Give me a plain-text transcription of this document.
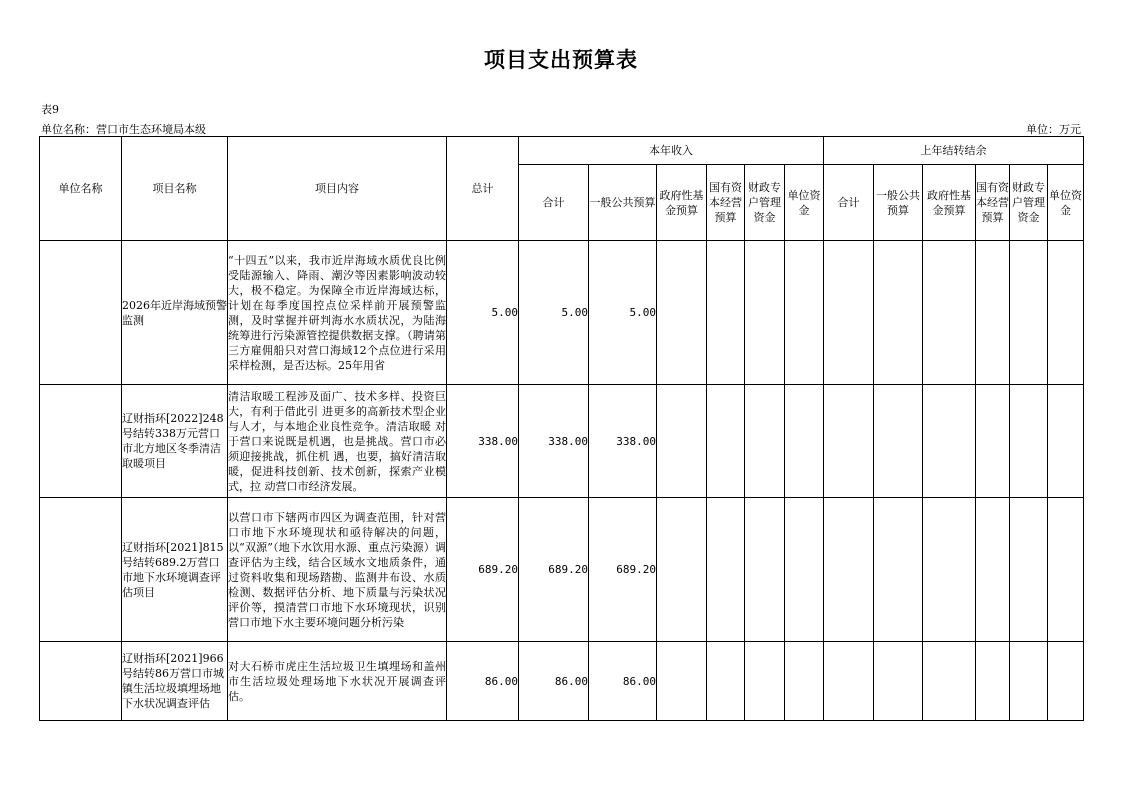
项目支出预算表
表9
单位名称：营口市生态环境局本级	单位：万元
单位名称	项目名称	项目内容	总计	本年收入						上年结转结余					
				合计	一般公共预算	政府性基金预算	国有资本经营预算	财政专户管理资金	单位资金	合计	一般公共预算	政府性基金预算	国有资本经营预算	财政专户管理资金	单位资金
	2026年近岸海域预警监测	“十四五”以来，我市近岸海域水质优良比例受陆源输入、降雨、潮汐等因素影响波动较大，极不稳定。为保障全市近岸海域达标，计划在每季度国控点位采样前开展预警监测，及时掌握并研判海水水质状况，为陆海统筹进行污染源管控提供数据支撑。（聘请第三方雇佣船只对营口海域12个点位进行采用采样检测，是否达标。25年用省	5.00	5.00	5.00										
	辽财指环[2022]248号结转338万元营口市北方地区冬季清洁取暖项目	清洁取暖工程涉及面广、技术多样、投资巨大，有利于借此引 进更多的高新技术型企业与人才，与本地企业良性竞争。清洁取暖 对于营口来说既是机遇，也是挑战。营口市必须迎接挑战，抓住机 遇，也要，搞好清洁取暖，促进科技创新、技术创新，探索产业模式，拉 动营口市经济发展。	338.00	338.00	338.00										
	辽财指环[2021]815号结转689.2万营口市地下水环境调查评估项目	以营口市下辖两市四区为调查范围，针对营口市地下水环境现状和亟待解决的问题，以“双源”（地下水饮用水源、重点污染源）调查评估为主线，结合区域水文地质条件，通过资料收集和现场踏勘、监测井布设、水质检测、数据评估分析、地下质量与污染状况评价等，摸清营口市地下水环境现状，识别营口市地下水主要环境问题分析污染	689.20	689.20	689.20										
	辽财指环[2021]966号结转86万营口市城镇生活垃圾填埋场地下水状况调查评估	对大石桥市虎庄生活垃圾卫生填埋场和盖州市生活垃圾处理场地下水状况开展调查评估。	86.00	86.00	86.00										
